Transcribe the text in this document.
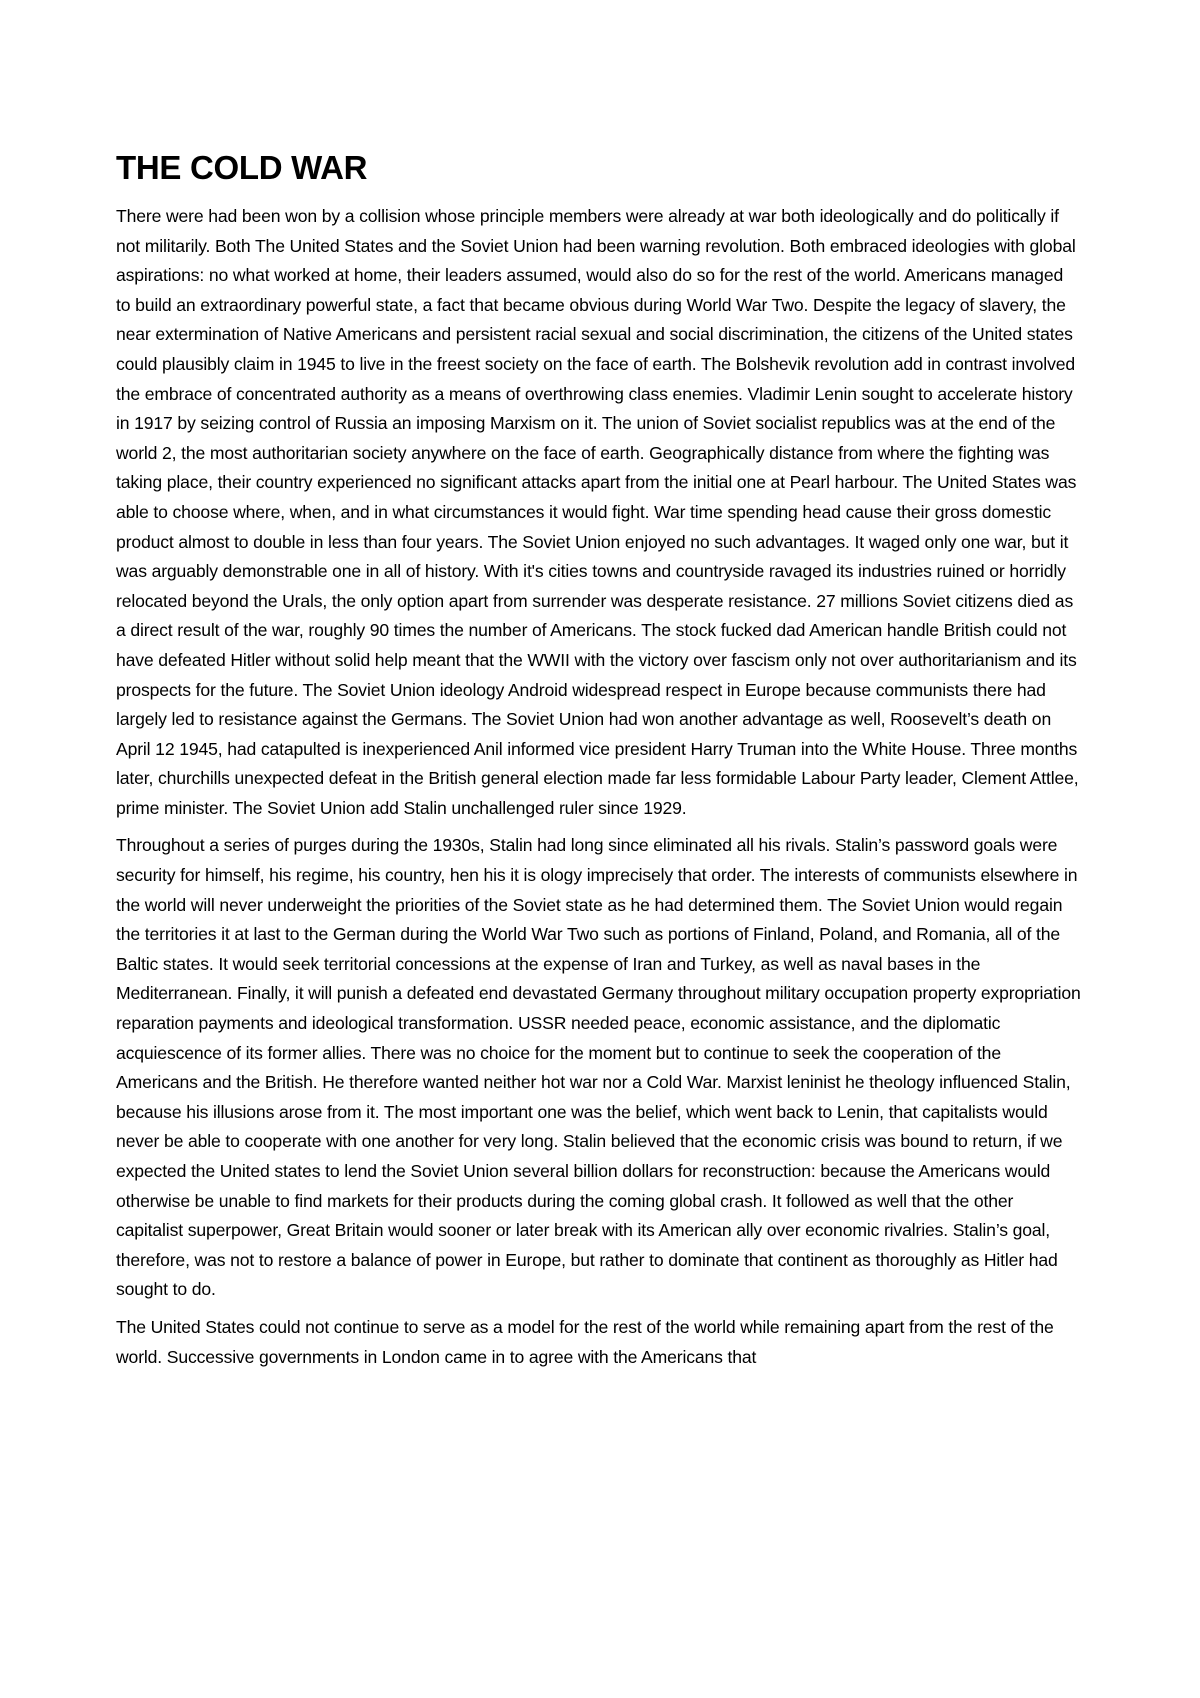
THE COLD WAR

There were had been won by a collision whose principle members were already at war both ideologically and do politically if not militarily. Both The United States and the Soviet Union had been warning revolution. Both embraced ideologies with global aspirations: no what worked at home, their leaders assumed, would also do so for the rest of the world. Americans managed to build an extraordinary powerful state, a fact that became obvious during World War Two. Despite the legacy of slavery, the near extermination of Native Americans and persistent racial sexual and social discrimination, the citizens of the United states could plausibly claim in 1945 to live in the freest society on the face of earth. The Bolshevik revolution add in contrast involved the embrace of concentrated authority as a means of overthrowing class enemies. Vladimir Lenin sought to accelerate history in 1917 by seizing control of Russia an imposing Marxism on it. The union of Soviet socialist republics was at the end of the world 2, the most authoritarian society anywhere on the face of earth. Geographically distance from where the fighting was taking place, their country experienced no significant attacks apart from the initial one at Pearl harbour. The United States was able to choose where, when, and in what circumstances it would fight. War time spending head cause their gross domestic product almost to double in less than four years. The Soviet Union enjoyed no such advantages. It waged only one war, but it was arguably demonstrable one in all of history. With it's cities towns and countryside ravaged its industries ruined or horridly relocated beyond the Urals, the only option apart from surrender was desperate resistance. 27 millions Soviet citizens died as a direct result of the war, roughly 90 times the number of Americans. The stock fucked dad American handle British could not have defeated Hitler without solid help meant that the WWII with the victory over fascism only not over authoritarianism and its prospects for the future. The Soviet Union ideology Android widespread respect in Europe because communists there had largely led to resistance against the Germans. The Soviet Union had won another advantage as well, Roosevelt’s death on April 12 1945, had catapulted is inexperienced Anil informed vice president Harry Truman into the White House. Three months later, churchills unexpected defeat in the British general election made far less formidable Labour Party leader, Clement Attlee, prime minister. The Soviet Union add Stalin unchallenged ruler since 1929.

Throughout a series of purges during the 1930s, Stalin had long since eliminated all his rivals. Stalin’s password goals were security for himself, his regime, his country, hen his it is ology imprecisely that order. The interests of communists elsewhere in the world will never underweight the priorities of the Soviet state as he had determined them. The Soviet Union would regain the territories it at last to the German during the World War Two such as portions of Finland, Poland, and Romania, all of the Baltic states. It would seek territorial concessions at the expense of Iran and Turkey, as well as naval bases in the Mediterranean. Finally, it will punish a defeated end devastated Germany throughout military occupation property expropriation reparation payments and ideological transformation. USSR needed peace, economic assistance, and the diplomatic acquiescence of its former allies. There was no choice for the moment but to continue to seek the cooperation of the Americans and the British. He therefore wanted neither hot war nor a Cold War. Marxist leninist he theology influenced Stalin, because his illusions arose from it. The most important one was the belief, which went back to Lenin, that capitalists would never be able to cooperate with one another for very long. Stalin believed that the economic crisis was bound to return, if we expected the United states to lend the Soviet Union several billion dollars for reconstruction: because the Americans would otherwise be unable to find markets for their products during the coming global crash. It followed as well that the other capitalist superpower, Great Britain would sooner or later break with its American ally over economic rivalries. Stalin’s goal, therefore, was not to restore a balance of power in Europe, but rather to dominate that continent as thoroughly as Hitler had sought to do.

The United States could not continue to serve as a model for the rest of the world while remaining apart from the rest of the world. Successive governments in London came in to agree with the Americans that
